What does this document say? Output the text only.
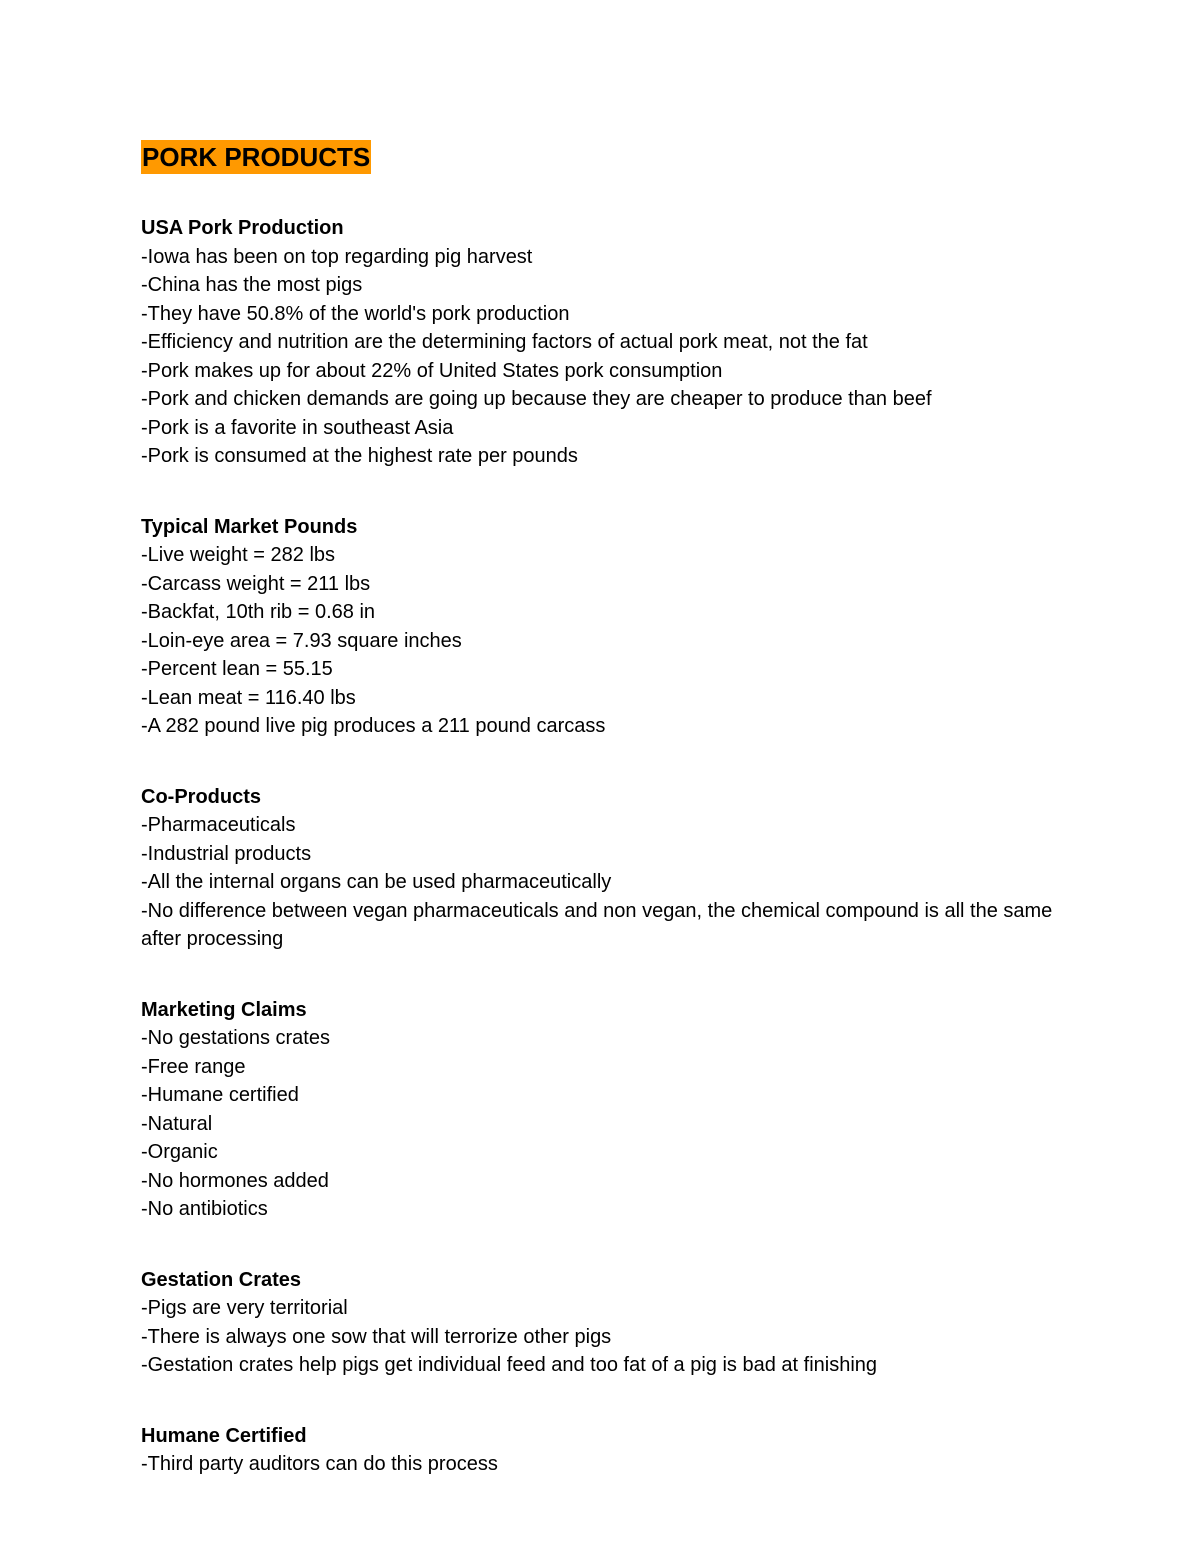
PORK PRODUCTS
USA Pork Production

-Iowa has been on top regarding pig harvest

-China has the most pigs

-They have 50.8% of the world's pork production

-Efficiency and nutrition are the determining factors of actual pork meat, not the fat

-Pork makes up for about 22% of United States pork consumption

-Pork and chicken demands are going up because they are cheaper to produce than beef

-Pork is a favorite in southeast Asia

-Pork is consumed at the highest rate per pounds

Typical Market Pounds

-Live weight = 282 lbs

-Carcass weight = 211 lbs

-Backfat, 10th rib = 0.68 in

-Loin-eye area = 7.93 square inches

-Percent lean = 55.15

-Lean meat = 116.40 lbs

-A 282 pound live pig produces a 211 pound carcass

Co-Products

-Pharmaceuticals

-Industrial products

-All the internal organs can be used pharmaceutically

-No difference between vegan pharmaceuticals and non vegan, the chemical compound is all the same after processing

Marketing Claims

-No gestations crates

-Free range

-Humane certified

-Natural

-Organic

-No hormones added

-No antibiotics

Gestation Crates

-Pigs are very territorial

-There is always one sow that will terrorize other pigs

-Gestation crates help pigs get individual feed and too fat of a pig is bad at finishing

Humane Certified

-Third party auditors can do this process
